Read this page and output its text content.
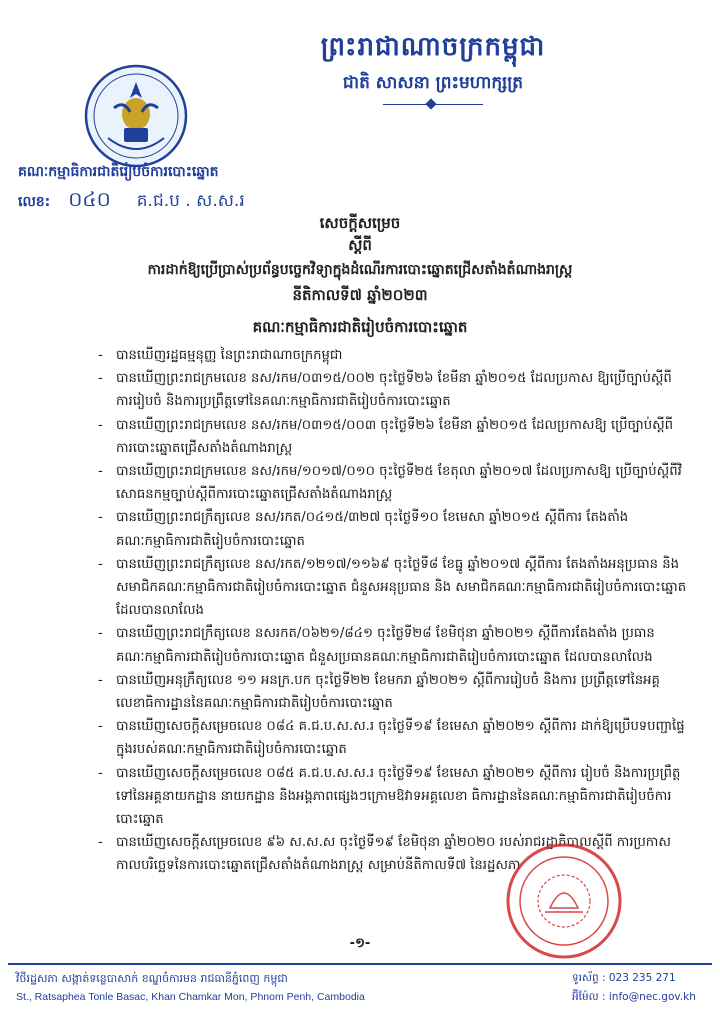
ព្រះរាជាណាចក្រកម្ពុជា
ជាតិ សាសនា ព្រះមហាក្សត្រ
គណៈកម្មាធិការជាតិរៀបចំការបោះឆ្នោត
លេខ: ០៤០ គ.ជ.ប . ស.ស.រ
សេចក្តីសម្រេច
ស្តីពី
ការដាក់ឱ្យប្រើប្រាស់ប្រព័ន្ធបច្ចេកវិទ្យាក្នុងដំណើរការបោះឆ្នោតជ្រើសតាំងតំណាងរាស្ត្រ
នីតិកាលទី៧ ឆ្នាំ២០២៣
គណៈកម្មាធិការជាតិរៀបចំការបោះឆ្នោត
- បានឃើញរដ្ឋធម្មនុញ្ញ នៃព្រះរាជាណាចក្រកម្ពុជា
- បានឃើញព្រះរាជក្រមលេខ នស/រកម/០៣១៥/០០២ ចុះថ្ងៃទី២៦ ខែមីនា ឆ្នាំ២០១៥ ដែលប្រកាស ឱ្យប្រើច្បាប់ស្តីពីការរៀបចំ និងការប្រព្រឹត្តទៅនៃគណៈកម្មាធិការជាតិរៀបចំការបោះឆ្នោត
- បានឃើញព្រះរាជក្រមលេខ នស/រកម/០៣១៥/០០៣ ចុះថ្ងៃទី២៦ ខែមីនា ឆ្នាំ២០១៥ ដែលប្រកាសឱ្យ ប្រើច្បាប់ស្តីពីការបោះឆ្នោតជ្រើសតាំងតំណាងរាស្ត្រ
- បានឃើញព្រះរាជក្រមលេខ នស/រកម/១០១៧/០១០ ចុះថ្ងៃទី២៥ ខែតុលា ឆ្នាំ២០១៧ ដែលប្រកាសឱ្យ ប្រើច្បាប់ស្តីពីវិសោធនកម្មច្បាប់ស្តីពីការបោះឆ្នោតជ្រើសតាំងតំណាងរាស្ត្រ
- បានឃើញព្រះរាជក្រឹត្យលេខ នស/រកត/០៤១៥/៣២៧ ចុះថ្ងៃទី១០ ខែមេសា ឆ្នាំ២០១៥ ស្តីពីការ តែងតាំងគណៈកម្មាធិការជាតិរៀបចំការបោះឆ្នោត
- បានឃើញព្រះរាជក្រឹត្យលេខ នស/រកត/១២១៧/១១៦៩ ចុះថ្ងៃទី៨ ខែធ្នូ ឆ្នាំ២០១៧ ស្តីពីការ តែងតាំងអនុប្រធាន និងសមាជិកគណៈកម្មាធិការជាតិរៀបចំការបោះឆ្នោត ជំនួសអនុប្រធាន និង សមាជិកគណៈកម្មាធិការជាតិរៀបចំការបោះឆ្នោតដែលបានលាលែង
- បានឃើញព្រះរាជក្រឹត្យលេខ នសរកត/០៦២១/៨៤១ ចុះថ្ងៃទី២៨ ខែមិថុនា ឆ្នាំ២០២១ ស្តីពីការតែងតាំង ប្រធានគណៈកម្មាធិការជាតិរៀបចំការបោះឆ្នោត ជំនួសប្រធានគណៈកម្មាធិការជាតិរៀបចំការបោះឆ្នោត ដែលបានលាលែង
- បានឃើញអនុក្រឹត្យលេខ ១១ អនក្រ.បក ចុះថ្ងៃទី២២ ខែមករា ឆ្នាំ២០២១ ស្តីពីការរៀបចំ និងការ ប្រព្រឹត្តទៅនៃអគ្គលេខាធិការដ្ឋាននៃគណៈកម្មាធិការជាតិរៀបចំការបោះឆ្នោត
- បានឃើញសេចក្តីសម្រេចលេខ ០៨៤ គ.ជ.ប.ស.ស.រ ចុះថ្ងៃទី១៩ ខែមេសា ឆ្នាំ២០២១ ស្តីពីការ ដាក់ឱ្យប្រើបទបញ្ជាផ្ទៃក្នុងរបស់គណៈកម្មាធិការជាតិរៀបចំការបោះឆ្នោត
- បានឃើញសេចក្តីសម្រេចលេខ ០៨៥ គ.ជ.ប.ស.ស.រ ចុះថ្ងៃទី១៩ ខែមេសា ឆ្នាំ២០២១ ស្តីពីការ រៀបចំ និងការប្រព្រឹត្តទៅនៃអគ្គនាយកដ្ឋាន នាយកដ្ឋាន និងអង្គភាពផ្សេងៗក្រោមឱវាទអគ្គលេខា ធិការដ្ឋាននៃគណៈកម្មាធិការជាតិរៀបចំការបោះឆ្នោត
- បានឃើញសេចក្តីសម្រេចលេខ ៩៦ ស.ស.ស ចុះថ្ងៃទី១៩ ខែមិថុនា ឆ្នាំ២០២០ របស់រាជរដ្ឋាភិបាលស្តីពី ការប្រកាសកាលបរិច្ឆេទនៃការបោះឆ្នោតជ្រើសតាំងតំណាងរាស្ត្រ សម្រាប់នីតិកាលទី៧ នៃរដ្ឋសភា
-១-
វិថីរដ្ឋសភា សង្កាត់ទន្លេបាសាក់ ខណ្ឌចំការមន រាជធានីភ្នំពេញ កម្ពុជា
St., Ratsaphea Tonle Basac, Khan Chamkar Mon, Phnom Penh, Cambodia
ទូរស័ព្ទ : 023 235 271
អ៊ីម៉ែល : info@nec.gov.kh
